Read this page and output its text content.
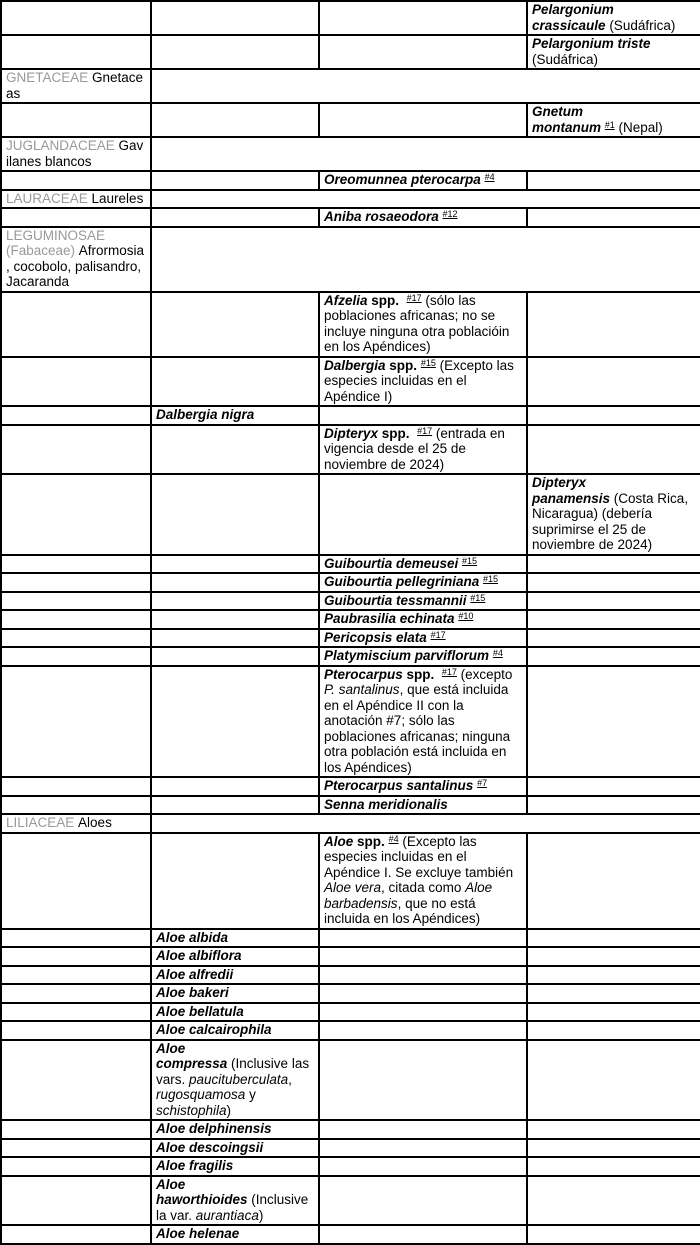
			Pelargonium crassicaule (Sudáfrica)
			Pelargonium triste (Sudáfrica)
GNETACEAE Gnetaceas			
			Gnetum montanum $^{\#1}$ (Nepal)
JUGLANDACEAE Gavilanes blancos			
		Oreomunnea pterocarpa $^{\#4}$	
LAURACEAE Laureles			
		Aniba rosaeodora $^{\#12}$	
LEGUMINOSAE (Fabaceae) Afrormosia, cocobolo, palisandro, Jacaranda			
		Afzelia spp. $^{\#17}$ (sólo las poblaciones africanas; no se incluye ninguna otra poblacióin en los Apéndices)	
		Dalbergia spp. $^{\#15}$ (Excepto las especies incluidas en el Apéndice I)	
	Dalbergia nigra		
		Dipteryx spp. $^{\#17}$ (entrada en vigencia desde el 25 de noviembre de 2024)	
			Dipteryx panamensis (Costa Rica, Nicaragua) (debería suprimirse el 25 de noviembre de 2024)
		Guibourtia demeusei $^{\#15}$	
		Guibourtia pellegriniana $^{\#15}$	
		Guibourtia tessmannii $^{\#15}$	
		Paubrasilia echinata $^{\#10}$	
		Pericopsis elata $^{\#17}$	
		Platymiscium parviflorum $^{\#4}$	
		Pterocarpus spp. $^{\#17}$ (excepto P. santalinus, que está incluida en el Apéndice II con la anotación #7; sólo las poblaciones africanas; ninguna otra población está incluida en los Apéndices)	
		Pterocarpus santalinus $^{\#7}$	
		Senna meridionalis	
LILIACEAE Aloes			
		Aloe spp. $^{\#4}$ (Excepto las especies incluidas en el Apéndice I. Se excluye también Aloe vera, citada como Aloe barbadensis, que no está incluida en los Apéndices)	
	Aloe albida		
	Aloe albiflora		
	Aloe alfredii		
	Aloe bakeri		
	Aloe bellatula		
	Aloe calcairophila		
	Aloe compressa (Inclusive las vars. paucituberculata, rugosquamosa y schistophila)		
	Aloe delphinensis		
	Aloe descoingsii		
	Aloe fragilis		
	Aloe haworthioides (Inclusive la var. aurantiaca)		
	Aloe helenae		
